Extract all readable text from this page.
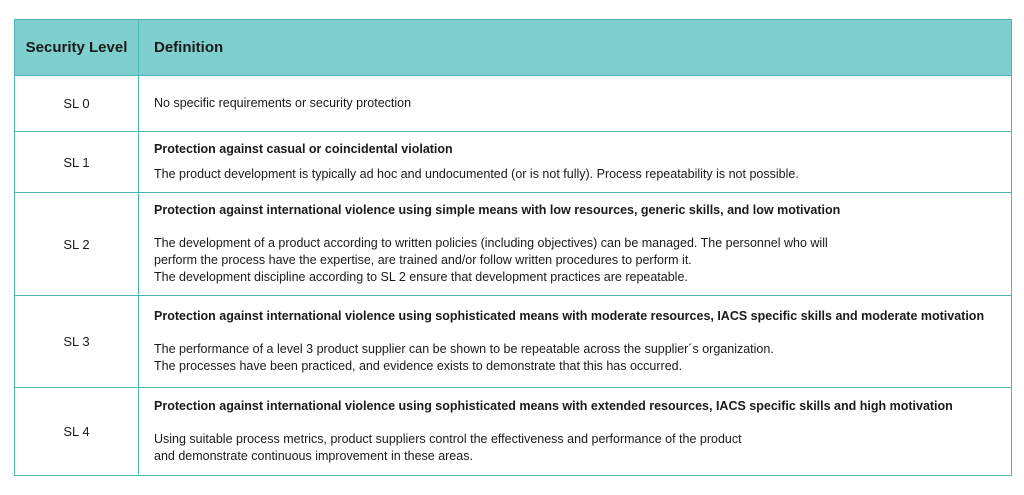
Security Level	Definition
SL 0	No specific requirements or security protection
SL 1
Protection against casual or coincidental violation
The product development is typically ad hoc and undocumented (or is not fully). Process repeatability is not possible.
SL 2
Protection against international violence using simple means with low resources, generic skills, and low motivation
The development of a product according to written policies (including objectives) can be managed. The personnel who will
perform the process have the expertise, are trained and/or follow written procedures to perform it.
The development discipline according to SL 2 ensure that development practices are repeatable.
SL 3
Protection against international violence using sophisticated means with moderate resources, IACS specific skills and moderate motivation
The performance of a level 3 product supplier can be shown to be repeatable across the supplier´s organization.
The processes have been practiced, and evidence exists to demonstrate that this has occurred.
SL 4
Protection against international violence using sophisticated means with extended resources, IACS specific skills and high motivation
Using suitable process metrics, product suppliers control the effectiveness and performance of the product
and demonstrate continuous improvement in these areas.
